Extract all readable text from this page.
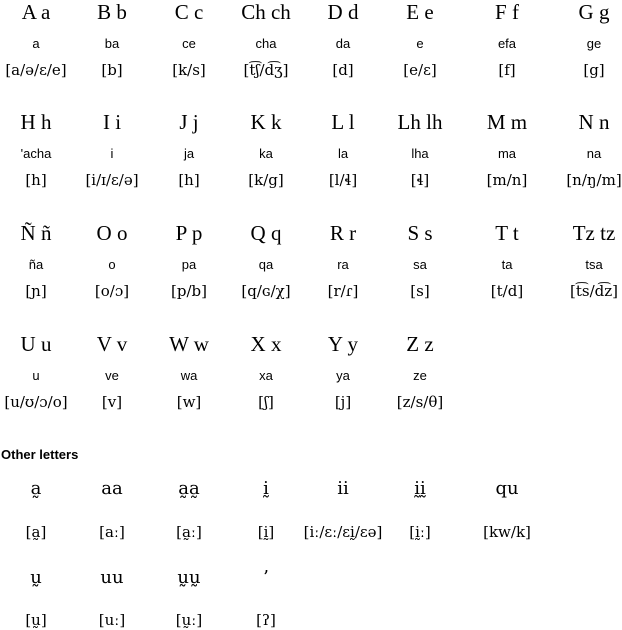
A a
a
[a/ə/ɛ/e]
B b
ba
[b]
C c
ce
[k/s]
Ch ch
cha
[t͡ʃ/d͡ʒ]
D d
da
[d]
E e
e
[e/ɛ]
F f
efa
[f]
G g
ge
[g]
H h
'acha
[h]
I i
i
[i/ɪ/ɛ/ə]
J j
ja
[h]
K k
ka
[k/g]
L l
la
[l/ɬ]
Lh lh
lha
[ɬ]
M m
ma
[m/n]
N n
na
[n/ŋ/m]
Ñ ñ
ña
[ɲ]
O o
o
[o/ɔ]
P p
pa
[p/b]
Q q
qa
[q/ɢ/χ]
R r
ra
[r/ɾ]
S s
sa
[s]
T t
ta
[t/d]
Tz tz
tsa
[t͡s/d͡z]
U u
u
[u/ʊ/ɔ/o]
V v
ve
[v]
W w
wa
[w]
X x
xa
[ʃ]
Y y
ya
[j]
Z z
ze
[z/s/θ]
Other letters
a̰
[a̰]
aa
[aː]
a̰a̰
[a̰ː]
ḭ
[ḭ]
ii
[iː/ɛː/ɛḭ/ɛə]
ḭḭ
[ḭː]
qu
[kw/k]
ṵ
[ṵ]
uu
[uː]
ṵṵ
[ṵː]
’
[ʔ]
